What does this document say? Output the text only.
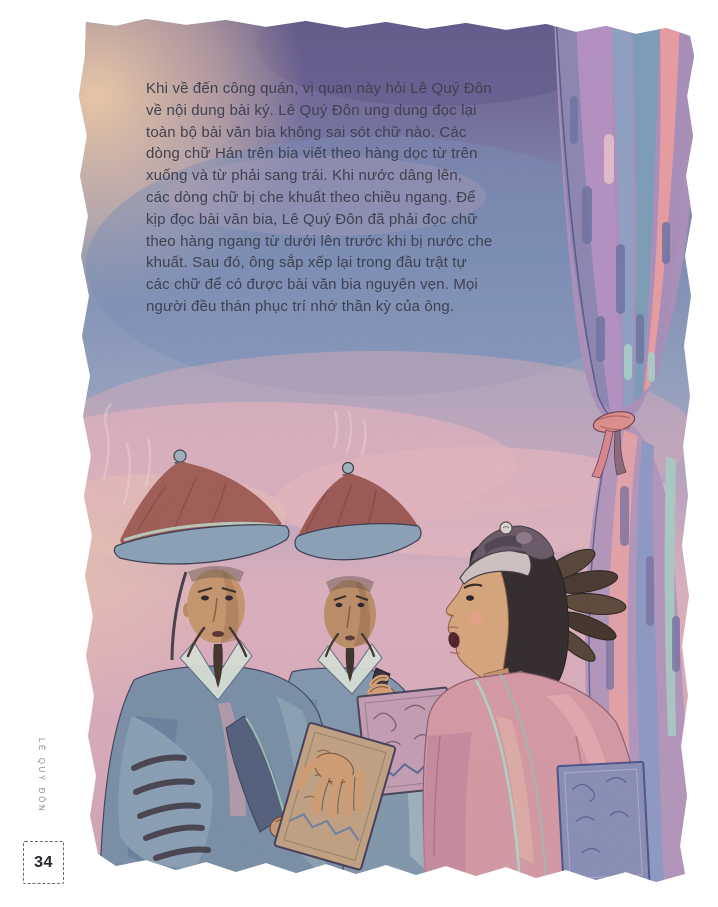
Khi về đến công quán, vị quan này hỏi Lê Quý Đôn
về nội dung bài ký. Lê Quý Đôn ung dung đọc lại
toàn bộ bài văn bia không sai sót chữ nào. Các
dòng chữ Hán trên bia viết theo hàng dọc từ trên
xuống và từ phải sang trái. Khi nước dâng lên,
các dòng chữ bị che khuất theo chiều ngang. Để
kịp đọc bài văn bia, Lê Quý Đôn đã phải đọc chữ
theo hàng ngang từ dưới lên trước khi bị nước che
khuất. Sau đó, ông sắp xếp lại trong đầu trật tự
các chữ để có được bài văn bia nguyên vẹn. Mọi
người đều thán phục trí nhớ thần kỳ của ông.
LÊ QUÝ ĐÔN
34
